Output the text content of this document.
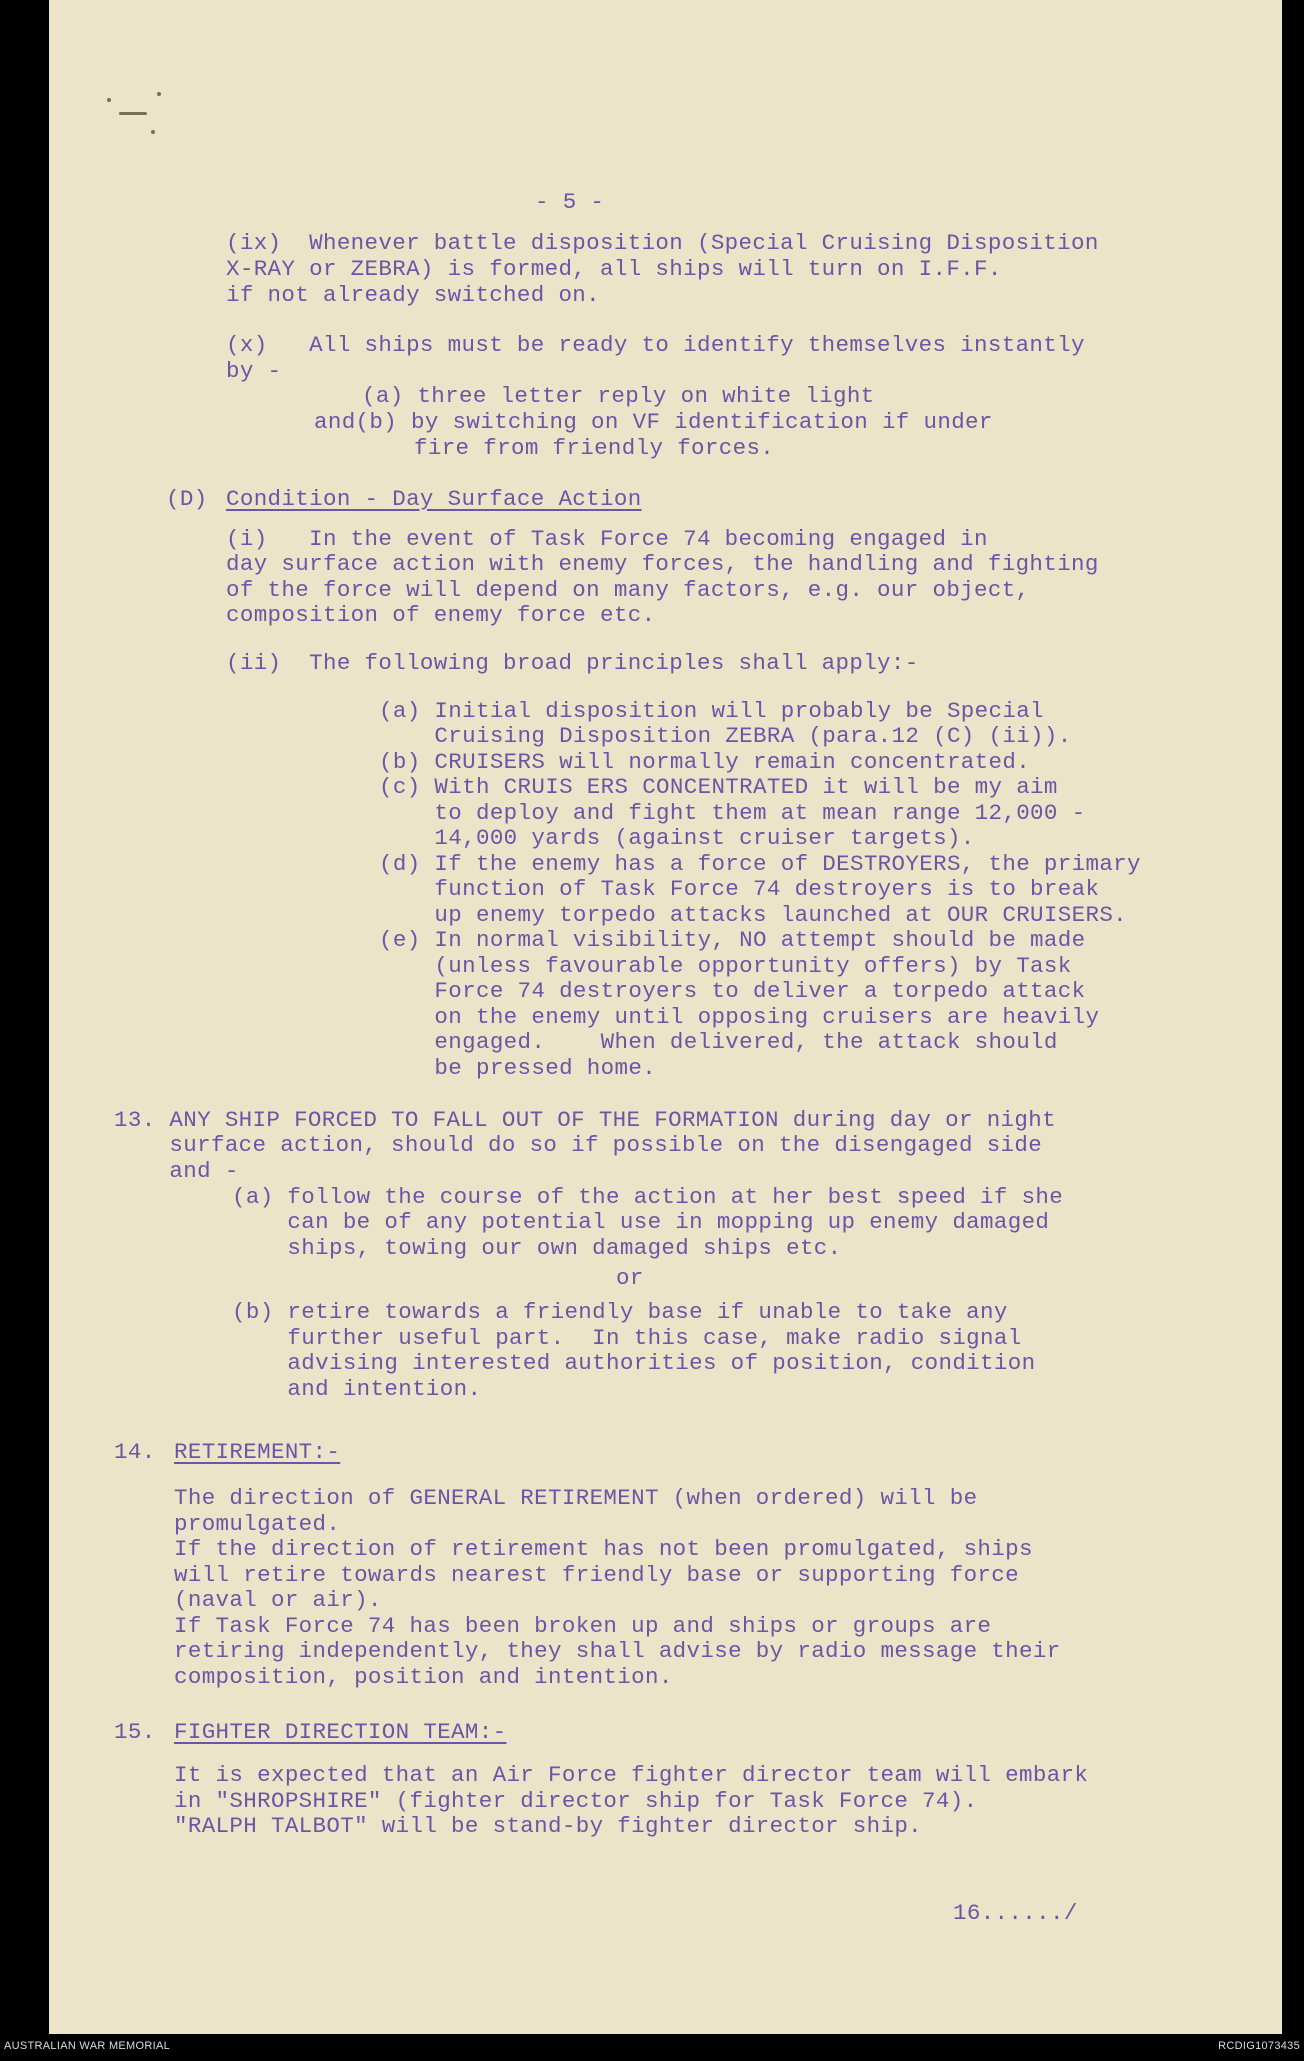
- 5 -
(ix)  Whenever battle disposition (Special Cruising Disposition
X-RAY or ZEBRA) is formed, all ships will turn on I.F.F.
if not already switched on.
(x)   All ships must be ready to identify themselves instantly
by -
(a) three letter reply on white light
and(b) by switching on VF identification if under
fire from friendly forces.
(D) Condition - Day Surface Action
(i)   In the event of Task Force 74 becoming engaged in
day surface action with enemy forces, the handling and fighting
of the force will depend on many factors, e.g. our object,
composition of enemy force etc.
(ii)  The following broad principles shall apply:-
(a) Initial disposition will probably be Special
Cruising Disposition ZEBRA (para.12 (C) (ii)).
(b) CRUISERS will normally remain concentrated.
(c) With CRUIS ERS CONCENTRATED it will be my aim
to deploy and fight them at mean range 12,000 -
14,000 yards (against cruiser targets).
(d) If the enemy has a force of DESTROYERS, the primary
function of Task Force 74 destroyers is to break
up enemy torpedo attacks launched at OUR CRUISERS.
(e) In normal visibility, NO attempt should be made
(unless favourable opportunity offers) by Task
Force 74 destroyers to deliver a torpedo attack
on the enemy until opposing cruisers are heavily
engaged.    When delivered, the attack should
be pressed home.
13. ANY SHIP FORCED TO FALL OUT OF THE FORMATION during day or night
surface action, should do so if possible on the disengaged side
and -
(a) follow the course of the action at her best speed if she
can be of any potential use in mopping up enemy damaged
ships, towing our own damaged ships etc.
or
(b) retire towards a friendly base if unable to take any
further useful part.  In this case, make radio signal
advising interested authorities of position, condition
and intention.
14. RETIREMENT:-
The direction of GENERAL RETIREMENT (when ordered) will be
promulgated.
If the direction of retirement has not been promulgated, ships
will retire towards nearest friendly base or supporting force
(naval or air).
If Task Force 74 has been broken up and ships or groups are
retiring independently, they shall advise by radio message their
composition, position and intention.
15. FIGHTER DIRECTION TEAM:-
It is expected that an Air Force fighter director team will embark
in "SHROPSHIRE" (fighter director ship for Task Force 74).
"RALPH TALBOT" will be stand-by fighter director ship.
16....../
AUSTRALIAN WAR MEMORIAL	RCDIG1073435
